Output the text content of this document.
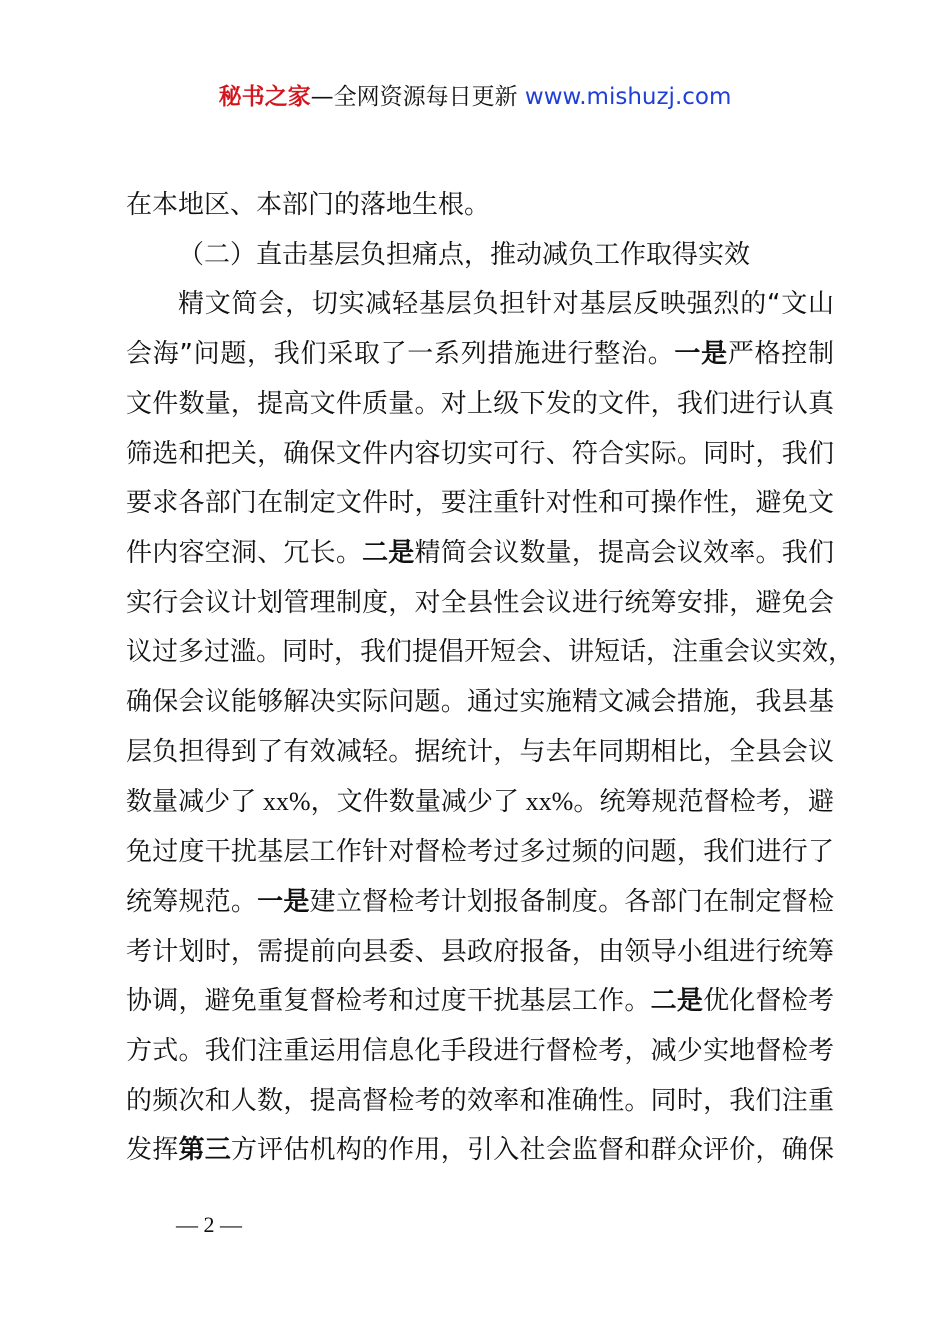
秘书之家—全网资源每日更新 www.mishuzj.com
在本地区、本部门的落地生根。
（二）直击基层负担痛点，推动减负工作取得实效
精文简会，切实减轻基层负担针对基层反映强烈的“文山
会海”问题，我们采取了一系列措施进行整治。一是严格控制
文件数量，提高文件质量。对上级下发的文件，我们进行认真
筛选和把关，确保文件内容切实可行、符合实际。同时，我们
要求各部门在制定文件时，要注重针对性和可操作性，避免文
件内容空洞、冗长。二是精简会议数量，提高会议效率。我们
实行会议计划管理制度，对全县性会议进行统筹安排，避免会
议过多过滥。同时，我们提倡开短会、讲短话，注重会议实效，
确保会议能够解决实际问题。通过实施精文减会措施，我县基
层负担得到了有效减轻。据统计，与去年同期相比，全县会议
数量减少了 xx%，文件数量减少了 xx%。统筹规范督检考，避
免过度干扰基层工作针对督检考过多过频的问题，我们进行了
统筹规范。一是建立督检考计划报备制度。各部门在制定督检
考计划时，需提前向县委、县政府报备，由领导小组进行统筹
协调，避免重复督检考和过度干扰基层工作。二是优化督检考
方式。我们注重运用信息化手段进行督检考，减少实地督检考
的频次和人数，提高督检考的效率和准确性。同时，我们注重
发挥第三方评估机构的作用，引入社会监督和群众评价，确保
— 2 —
